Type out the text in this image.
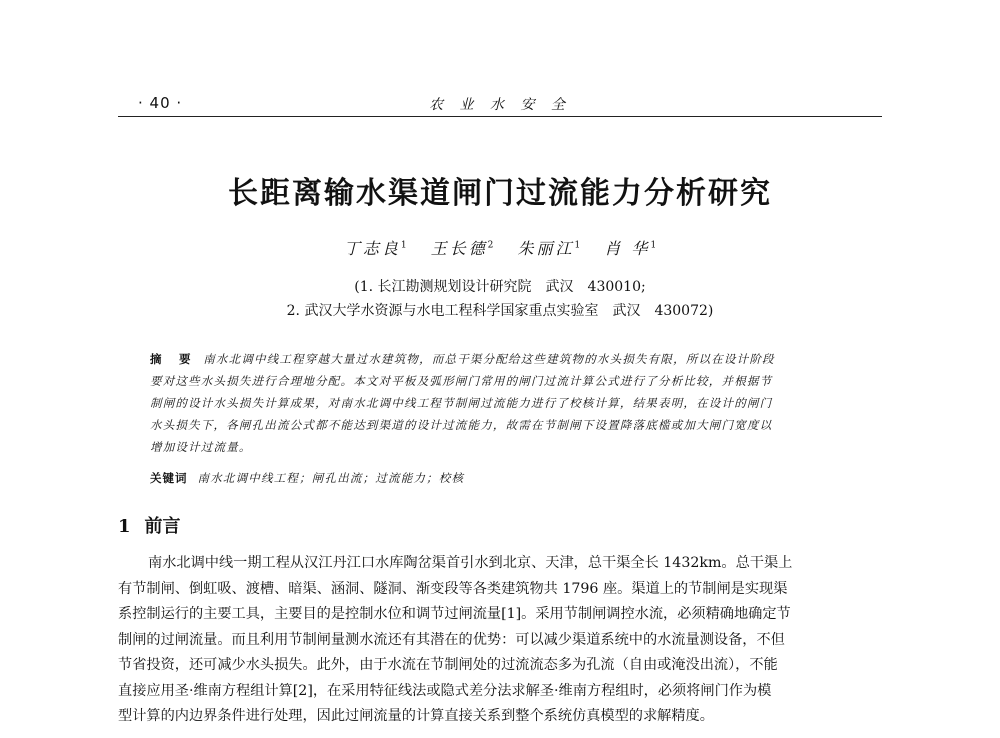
· 40 ·	农 业 水 安 全
长距离输水渠道闸门过流能力分析研究
丁志良$^1$ 王长德$^2$ 朱丽江$^1$ 肖 华$^1$
(1. 长江勘测规划设计研究院　武汉　430010;
2. 武汉大学水资源与水电工程科学国家重点实验室　武汉　430072)
摘　要 南水北调中线工程穿越大量过水建筑物，而总干渠分配给这些建筑物的水头损失有限，所以在设计阶段
要对这些水头损失进行合理地分配。本文对平板及弧形闸门常用的闸门过流计算公式进行了分析比较，并根据节
制闸的设计水头损失计算成果，对南水北调中线工程节制闸过流能力进行了校核计算，结果表明，在设计的闸门
水头损失下，各闸孔出流公式都不能达到渠道的设计过流能力，故需在节制闸下设置降落底槛或加大闸门宽度以
增加设计过流量。
关键词 南水北调中线工程；闸孔出流；过流能力；校核
1 前言
南水北调中线一期工程从汉江丹江口水库陶岔渠首引水到北京、天津，总干渠全长 1432km。总干渠上
有节制闸、倒虹吸、渡槽、暗渠、涵洞、隧洞、渐变段等各类建筑物共 1796 座。渠道上的节制闸是实现渠
系控制运行的主要工具，主要目的是控制水位和调节过闸流量[1]。采用节制闸调控水流，必须精确地确定节
制闸的过闸流量。而且利用节制闸量测水流还有其潜在的优势：可以减少渠道系统中的水流量测设备，不但
节省投资，还可减少水头损失。此外，由于水流在节制闸处的过流流态多为孔流（自由或淹没出流），不能
直接应用圣·维南方程组计算[2]，在采用特征线法或隐式差分法求解圣·维南方程组时，必须将闸门作为模
型计算的内边界条件进行处理，因此过闸流量的计算直接关系到整个系统仿真模型的求解精度。
